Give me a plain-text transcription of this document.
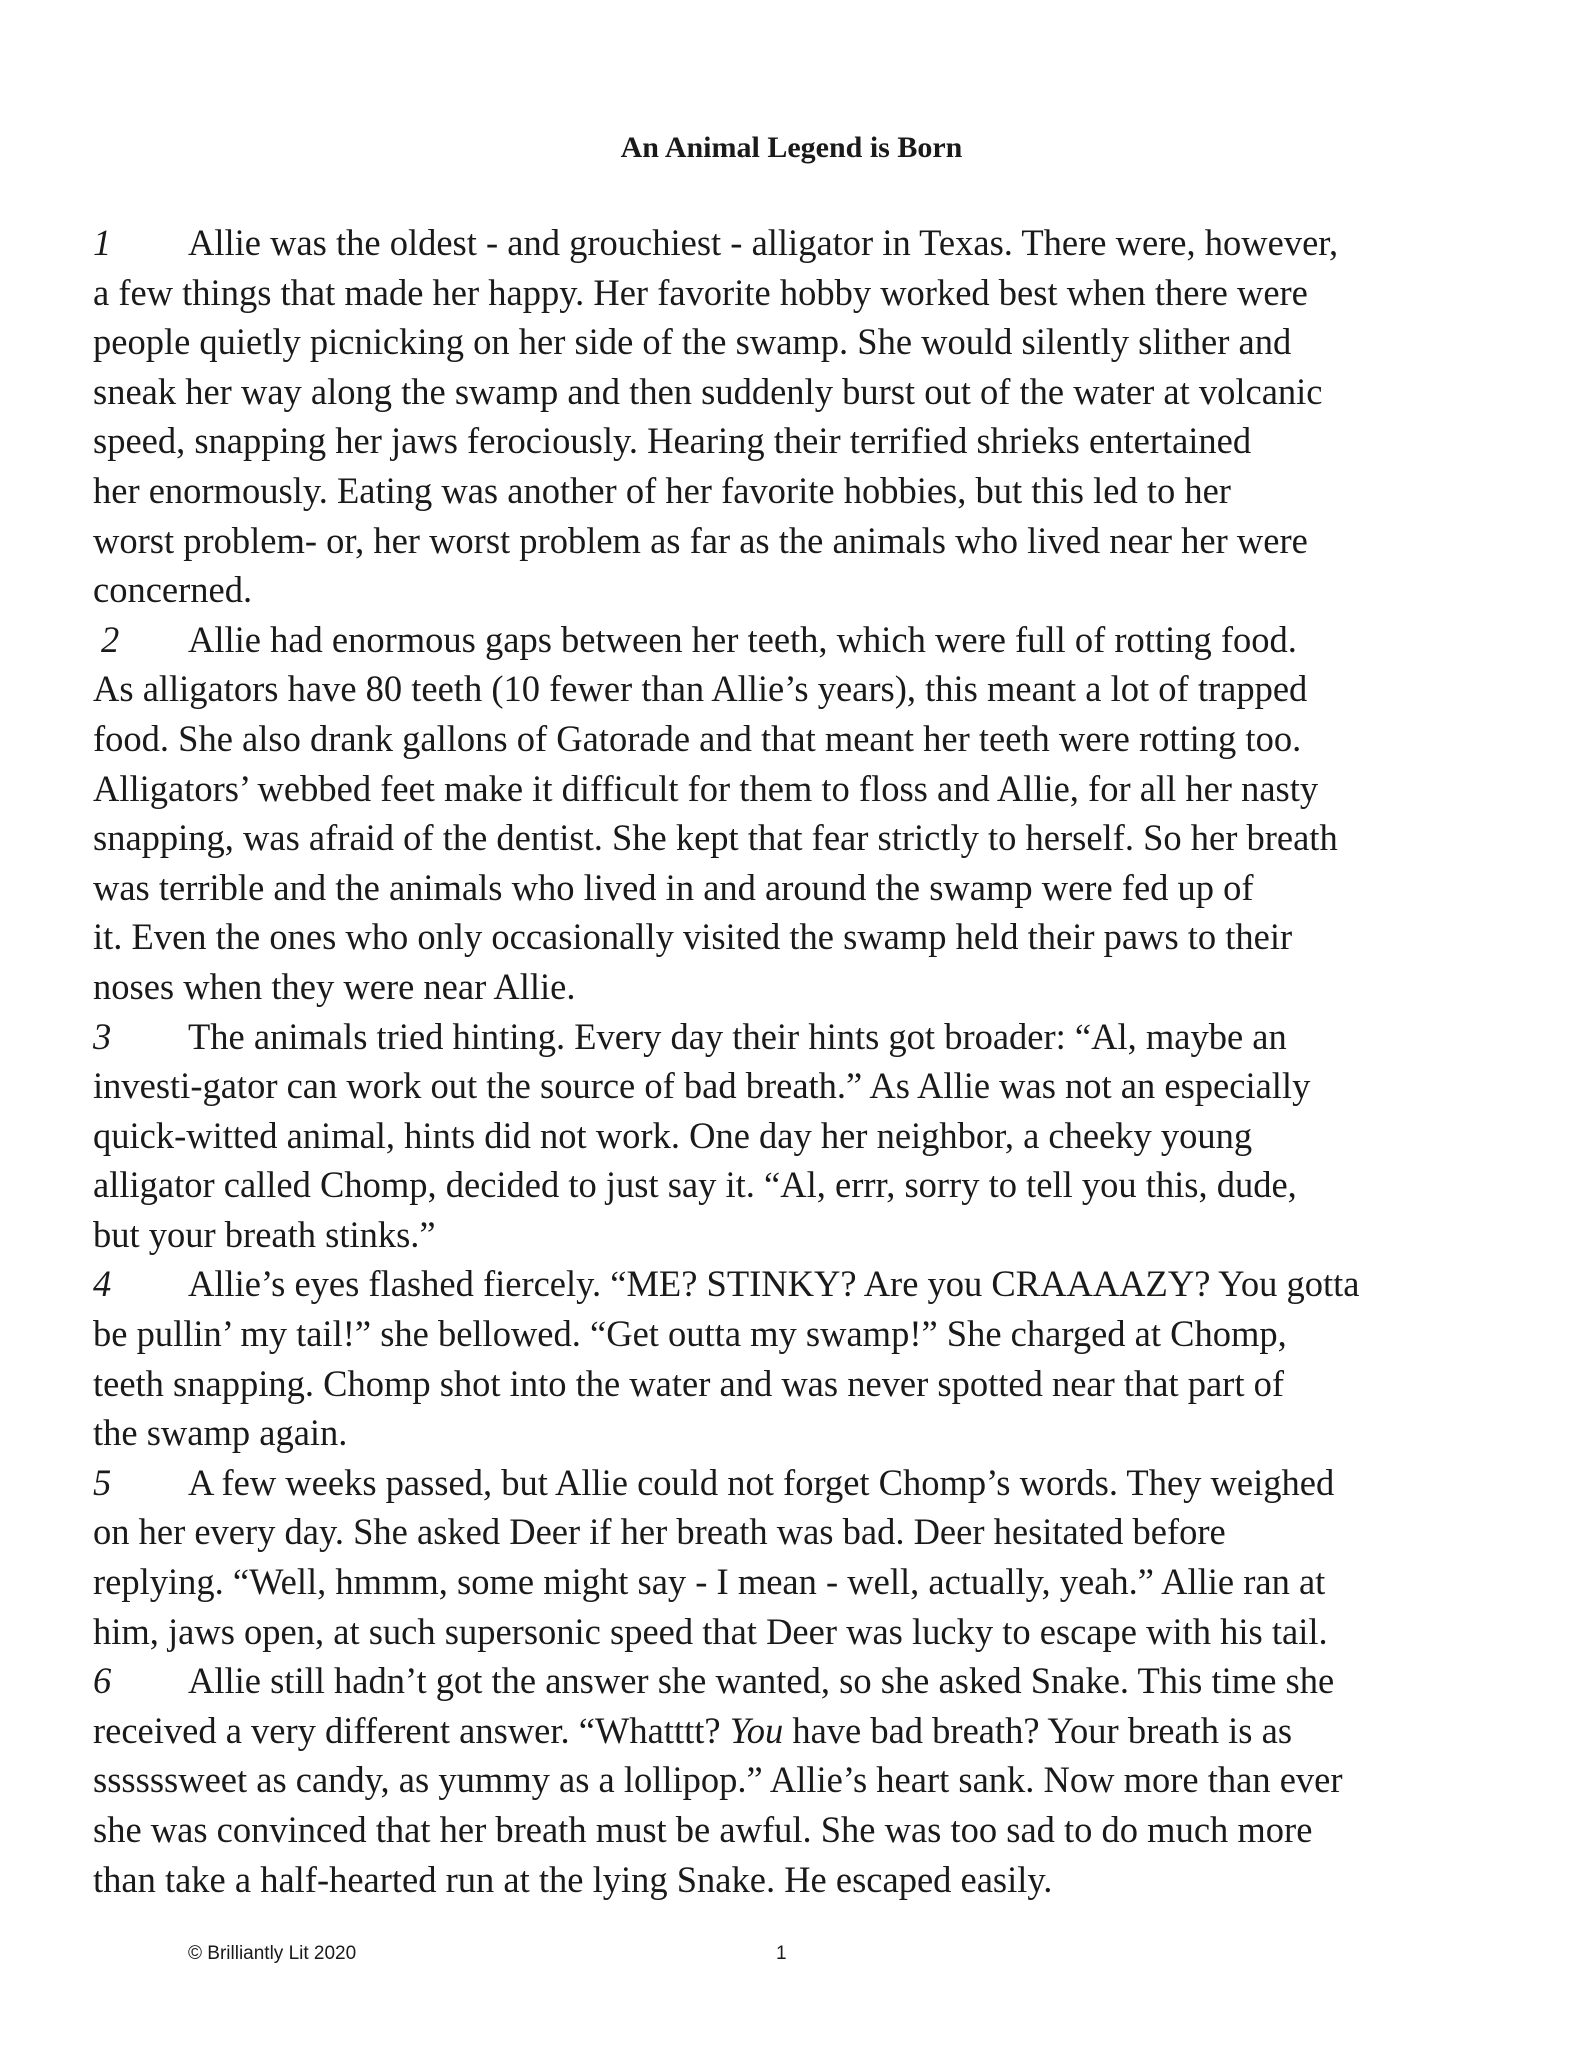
An Animal Legend is Born
1 Allie was the oldest - and grouchiest - alligator in Texas. There were, however,
a few things that made her happy. Her favorite hobby worked best when there were
people quietly picnicking on her side of the swamp. She would silently slither and
sneak her way along the swamp and then suddenly burst out of the water at volcanic
speed, snapping her jaws ferociously. Hearing their terrified shrieks entertained
her enormously. Eating was another of her favorite hobbies, but this led to her
worst problem- or, her worst problem as far as the animals who lived near her were
concerned.
2 Allie had enormous gaps between her teeth, which were full of rotting food.
As alligators have 80 teeth (10 fewer than Allie’s years), this meant a lot of trapped
food. She also drank gallons of Gatorade and that meant her teeth were rotting too.
Alligators’ webbed feet make it difficult for them to floss and Allie, for all her nasty
snapping, was afraid of the dentist. She kept that fear strictly to herself. So her breath
was terrible and the animals who lived in and around the swamp were fed up of
it. Even the ones who only occasionally visited the swamp held their paws to their
noses when they were near Allie.
3 The animals tried hinting. Every day their hints got broader: “Al, maybe an
investi-gator can work out the source of bad breath.” As Allie was not an especially
quick-witted animal, hints did not work. One day her neighbor, a cheeky young
alligator called Chomp, decided to just say it. “Al, errr, sorry to tell you this, dude,
but your breath stinks.”
4 Allie’s eyes flashed fiercely. “ME? STINKY? Are you CRAAAAZY? You gotta
be pullin’ my tail!” she bellowed. “Get outta my swamp!” She charged at Chomp,
teeth snapping. Chomp shot into the water and was never spotted near that part of
the swamp again.
5 A few weeks passed, but Allie could not forget Chomp’s words. They weighed
on her every day. She asked Deer if her breath was bad. Deer hesitated before
replying. “Well, hmmm, some might say - I mean - well, actually, yeah.” Allie ran at
him, jaws open, at such supersonic speed that Deer was lucky to escape with his tail.
6 Allie still hadn’t got the answer she wanted, so she asked Snake. This time she
received a very different answer. “Whatttt? You have bad breath? Your breath is as
ssssssweet as candy, as yummy as a lollipop.” Allie’s heart sank. Now more than ever
she was convinced that her breath must be awful. She was too sad to do much more
than take a half-hearted run at the lying Snake. He escaped easily.
© Brilliantly Lit 2020	1
